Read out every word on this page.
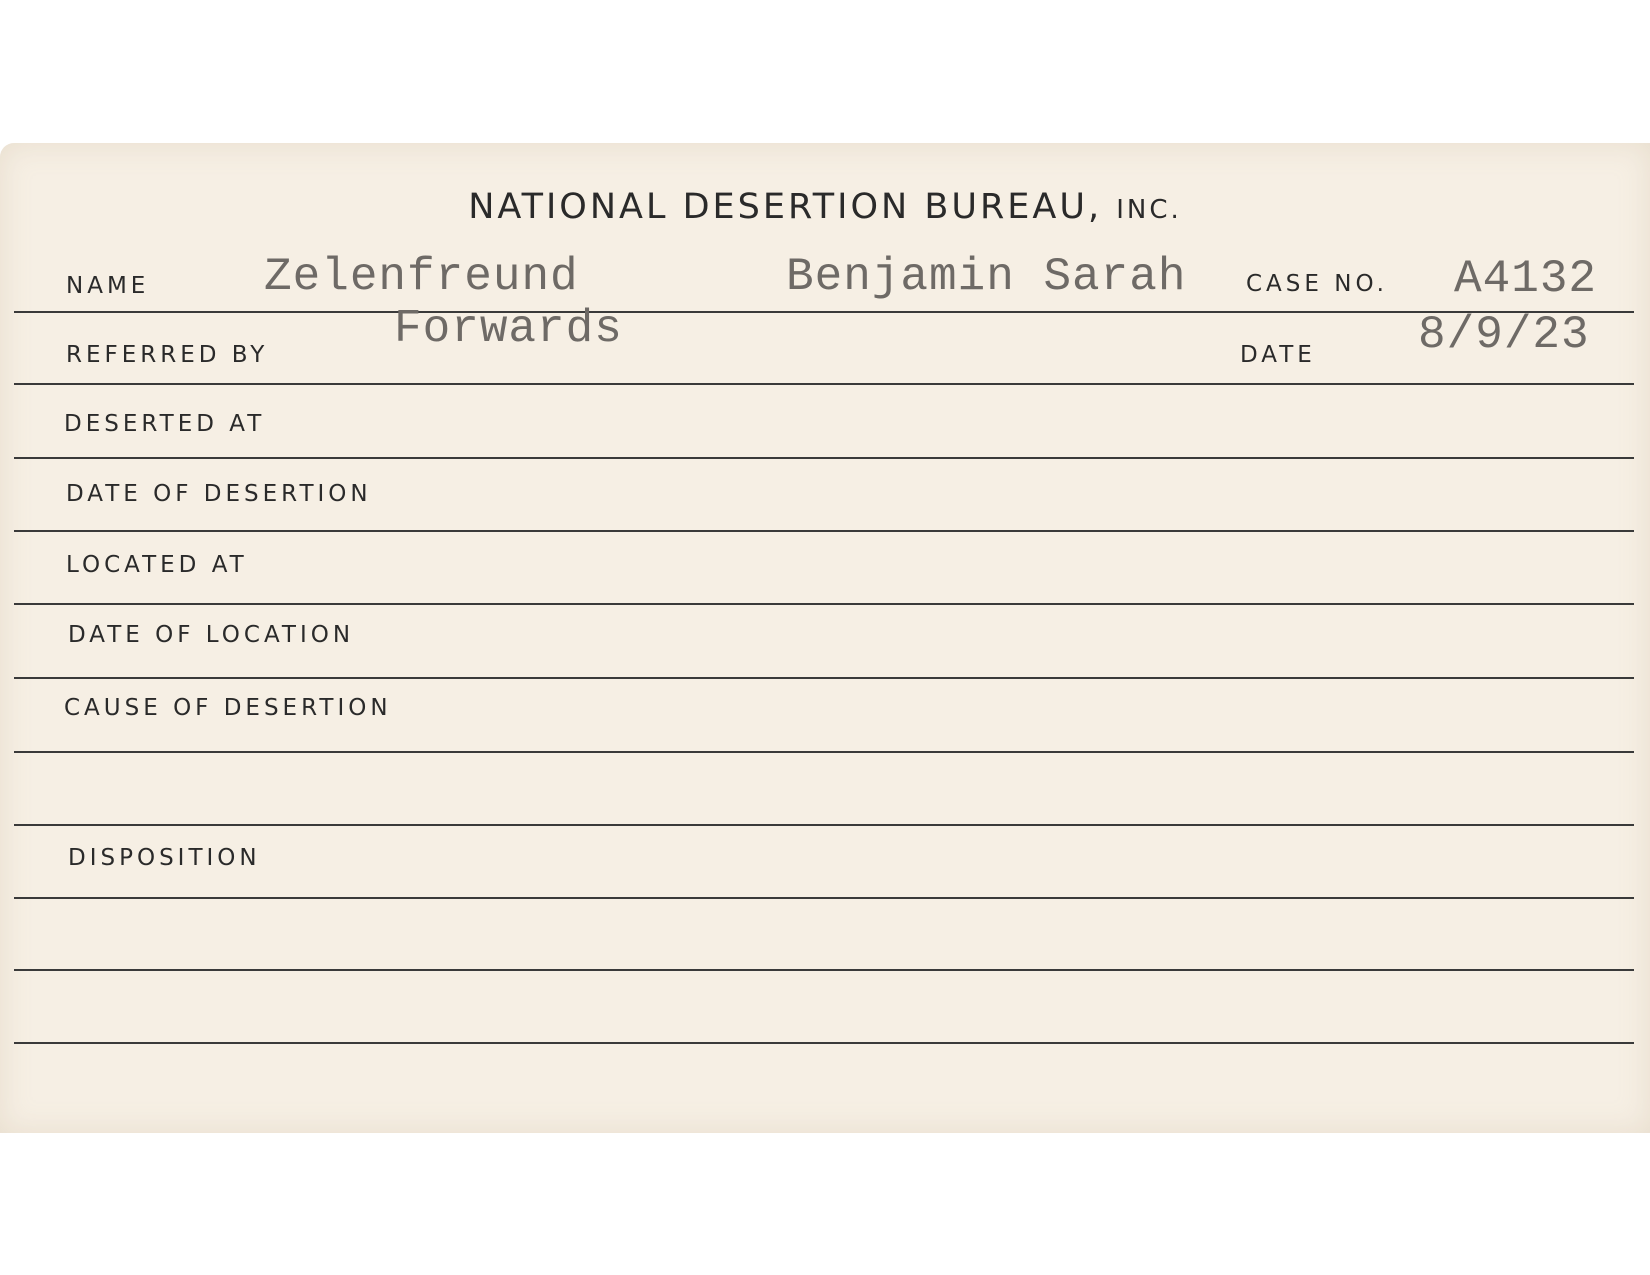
NATIONAL DESERTION BUREAU, INC.
NAME Zelenfreund	Benjamin Sarah	CASE NO. A4132
REFERRED BY	Forwards	DATE 8/9/23
DESERTED AT
DATE OF DESERTION
LOCATED AT
DATE OF LOCATION
CAUSE OF DESERTION
DISPOSITION
